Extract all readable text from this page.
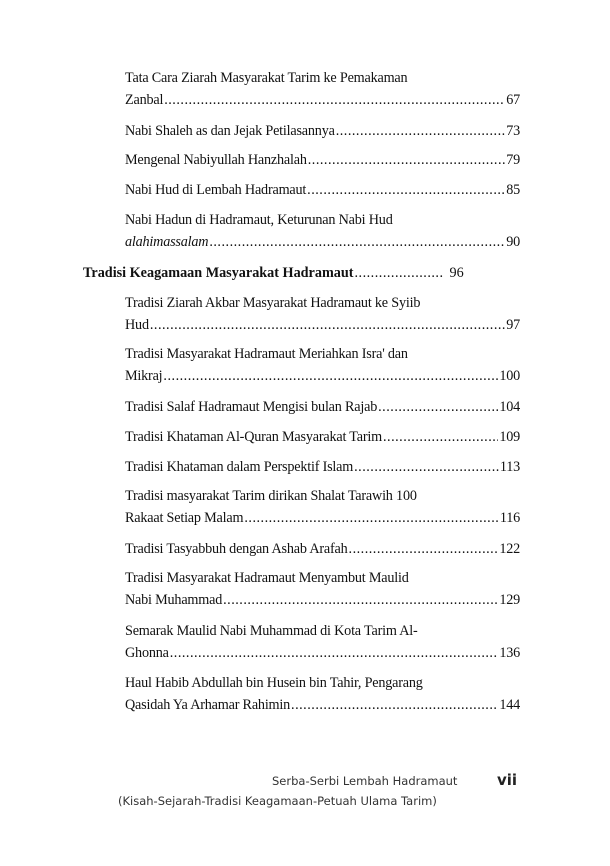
Tata Cara Ziarah Masyarakat Tarim ke Pemakaman
Zanbal .....	67
Nabi Shaleh as dan Jejak Petilasannya .....	73
Mengenal Nabiyullah Hanzhalah .....	79
Nabi Hud di Lembah Hadramaut .....	85
Nabi Hadun di Hadramaut, Keturunan Nabi Hud
alahimassalam .....	90
Tradisi Keagamaan Masyarakat Hadramaut .....	96
Tradisi Ziarah Akbar Masyarakat Hadramaut ke Syiib
Hud .....	97
Tradisi Masyarakat Hadramaut Meriahkan Isra' dan
Mikraj .....	100
Tradisi Salaf Hadramaut Mengisi bulan Rajab .....	104
Tradisi Khataman Al-Quran Masyarakat Tarim .....	109
Tradisi Khataman dalam Perspektif Islam .....	113
Tradisi masyarakat Tarim dirikan Shalat Tarawih 100
Rakaat Setiap Malam .....	116
Tradisi Tasyabbuh dengan Ashab Arafah .....	122
Tradisi Masyarakat Hadramaut Menyambut Maulid
Nabi Muhammad .....	129
Semarak Maulid Nabi Muhammad di Kota Tarim Al-
Ghonna .....	136
Haul Habib Abdullah bin Husein bin Tahir, Pengarang
Qasidah Ya Arhamar Rahimin .....	144
Serba-Serbi Lembah Hadramaut
(Kisah-Sejarah-Tradisi Keagamaan-Petuah Ulama Tarim)
vii
